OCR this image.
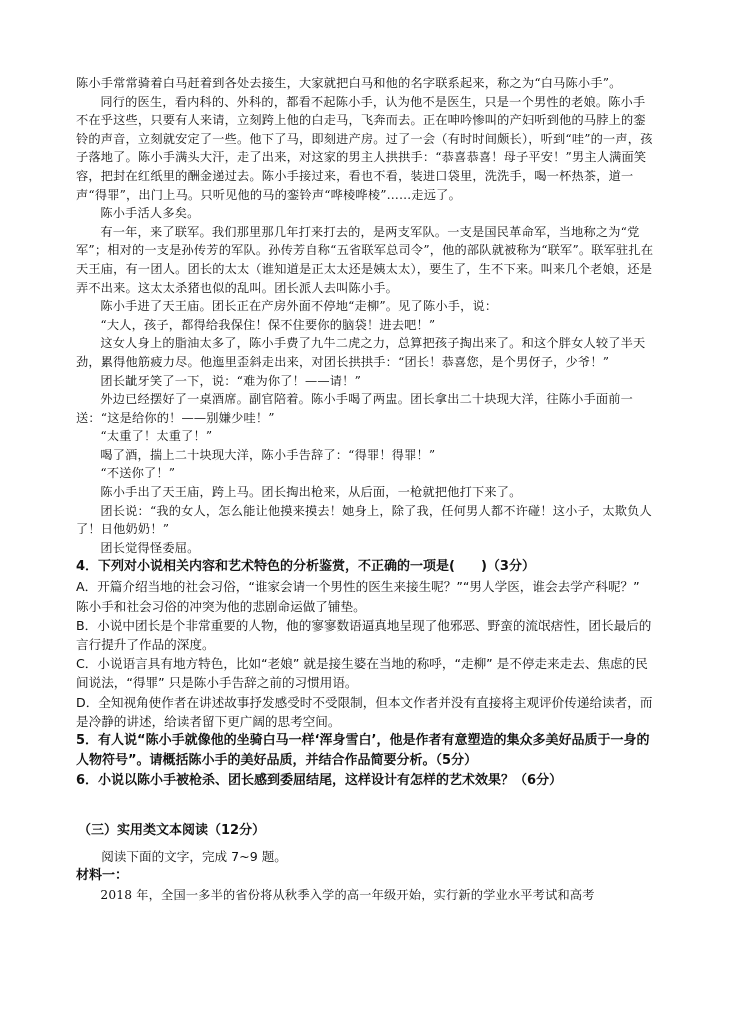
陈小手常常骑着白马赶着到各处去接生，大家就把白马和他的名字联系起来，称之为“白马陈小手”。

同行的医生，看内科的、外科的，都看不起陈小手，认为他不是医生，只是一个男性的老娘。陈小手不在乎这些，只要有人来请，立刻跨上他的白走马，飞奔而去。正在呻吟惨叫的产妇听到他的马脖上的銮铃的声音，立刻就安定了一些。他下了马，即刻进产房。过了一会（有时时间颇长），听到“哇”的一声，孩子落地了。陈小手满头大汗，走了出来，对这家的男主人拱拱手：“恭喜恭喜！母子平安！”男主人满面笑容，把封在红纸里的酬金递过去。陈小手接过来，看也不看，装进口袋里，洗洗手，喝一杯热茶，道一声“得罪”，出门上马。只听见他的马的銮铃声“哗棱哗棱”……走远了。

陈小手活人多矣。

有一年，来了联军。我们那里那几年打来打去的，是两支军队。一支是国民革命军，当地称之为“党军”；相对的一支是孙传芳的军队。孙传芳自称“五省联军总司令”，他的部队就被称为“联军”。联军驻扎在天王庙，有一团人。团长的太太（谁知道是正太太还是姨太太），要生了，生不下来。叫来几个老娘，还是弄不出来。这太太杀猪也似的乱叫。团长派人去叫陈小手。

陈小手进了天王庙。团长正在产房外面不停地“走柳”。见了陈小手，说：

“大人，孩子，都得给我保住！保不住要你的脑袋！进去吧！”

这女人身上的脂油太多了，陈小手费了九牛二虎之力，总算把孩子掏出来了。和这个胖女人较了半天劲，累得他筋疲力尽。他迤里歪斜走出来，对团长拱拱手：“团长！恭喜您，是个男伢子，少爷！”

团长龇牙笑了一下，说：“难为你了！——请！”

外边已经摆好了一桌酒席。副官陪着。陈小手喝了两盅。团长拿出二十块现大洋，往陈小手面前一送：“这是给你的！——别嫌少哇！”

“太重了！太重了！”

喝了酒，揣上二十块现大洋，陈小手告辞了：“得罪！得罪！”

“不送你了！”

陈小手出了天王庙，跨上马。团长掏出枪来，从后面，一枪就把他打下来了。

团长说：“我的女人，怎么能让他摸来摸去！她身上，除了我，任何男人都不许碰！这小子，太欺负人了！日他奶奶！”

团长觉得怪委屈。

4．下列对小说相关内容和艺术特色的分析鉴赏，不正确的一项是(　　)（3分）

A．开篇介绍当地的社会习俗，“谁家会请一个男性的医生来接生呢？”“男人学医，谁会去学产科呢？” 陈小手和社会习俗的冲突为他的悲剧命运做了铺垫。

B．小说中团长是个非常重要的人物，他的寥寥数语逼真地呈现了他邪恶、野蛮的流氓痞性，团长最后的言行提升了作品的深度。

C．小说语言具有地方特色，比如“老娘” 就是接生婆在当地的称呼，“走柳” 是不停走来走去、焦虑的民间说法，“得罪” 只是陈小手告辞之前的习惯用语。

D．全知视角使作者在讲述故事抒发感受时不受限制，但本文作者并没有直接将主观评价传递给读者，而是冷静的讲述，给读者留下更广阔的思考空间。

5．有人说“陈小手就像他的坐骑白马一样‘浑身雪白’，他是作者有意塑造的集众多美好品质于一身的人物符号”。请概括陈小手的美好品质，并结合作品简要分析。（5分）

6．小说以陈小手被枪杀、团长感到委屈结尾，这样设计有怎样的艺术效果？（6分）

（三）实用类文本阅读（12分）

阅读下面的文字，完成 7~9 题。

材料一：

2018 年，全国一多半的省份将从秋季入学的高一年级开始，实行新的学业水平考试和高考
